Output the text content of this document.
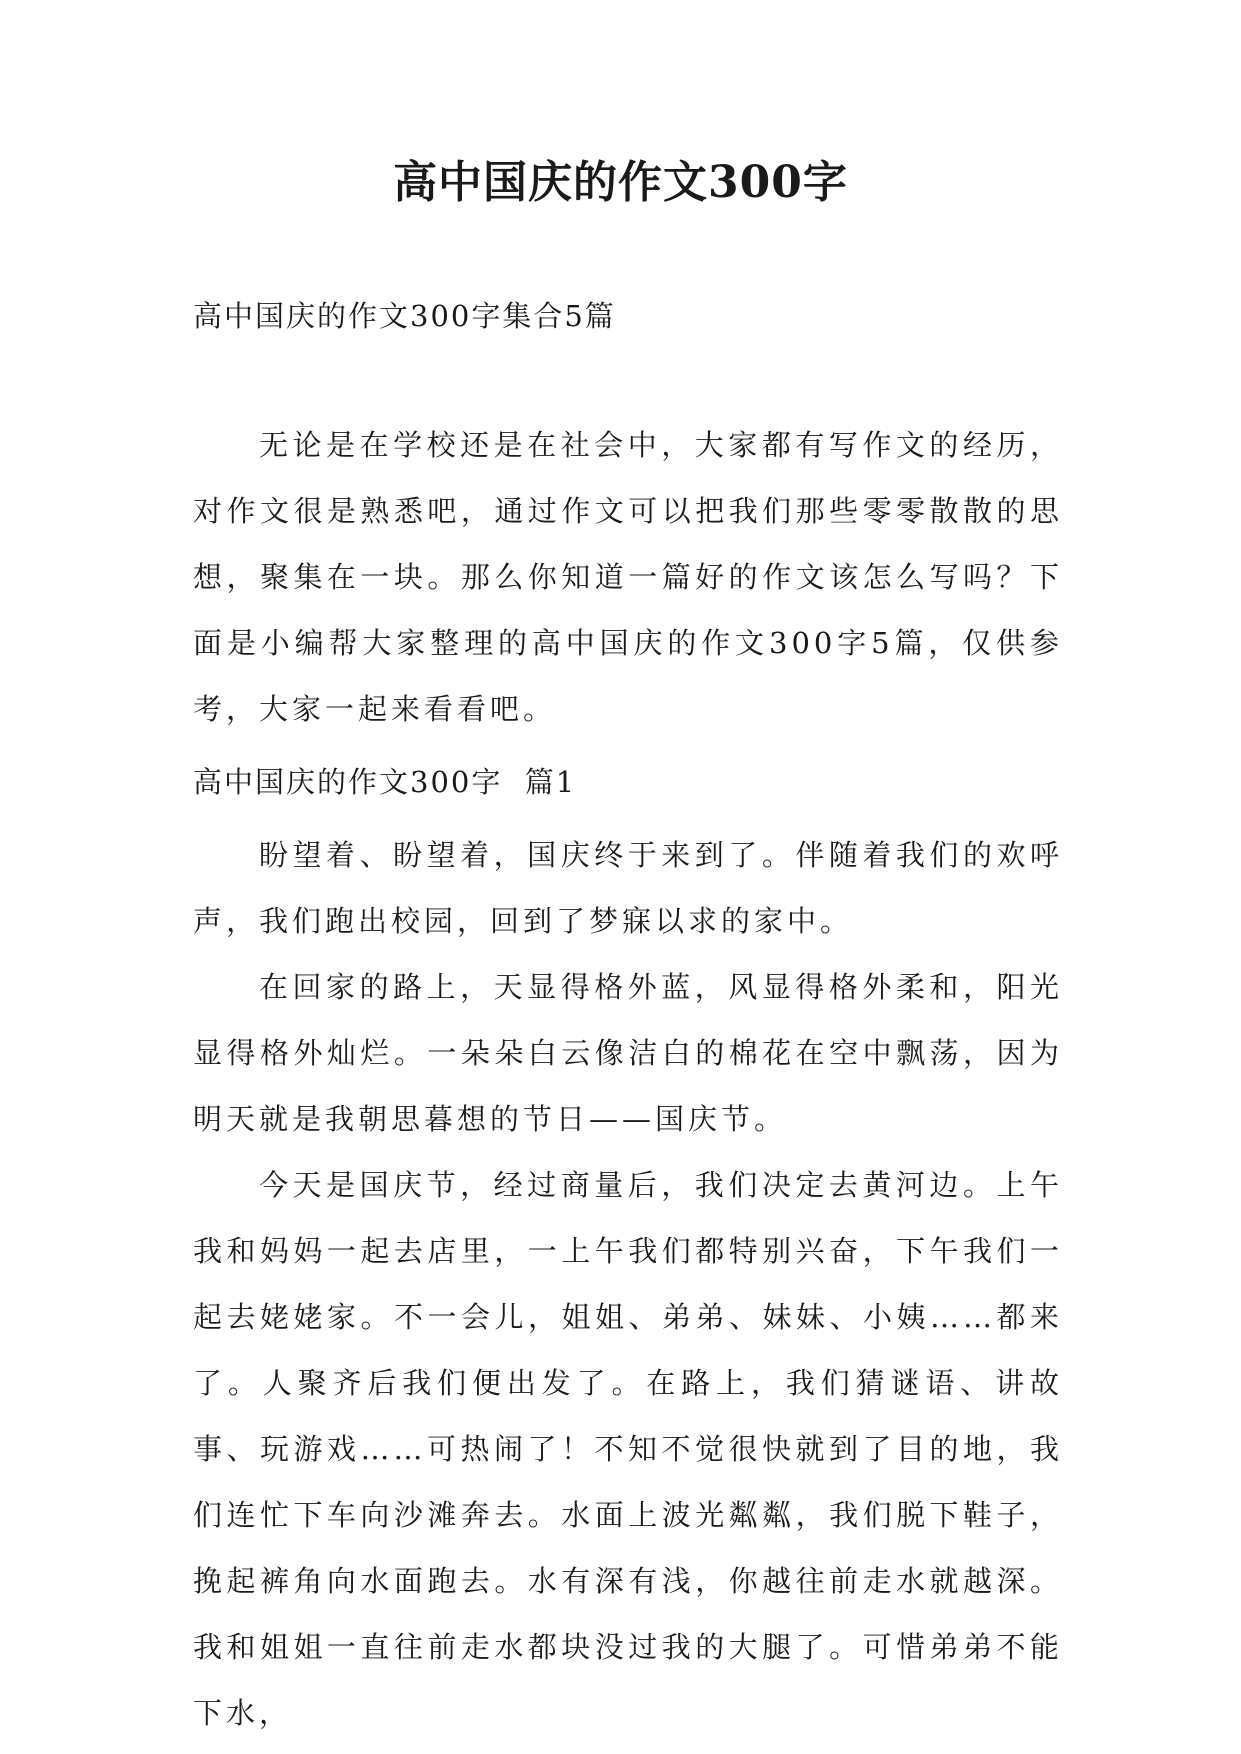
高中国庆的作文300字

高中国庆的作文300字集合5篇

无论是在学校还是在社会中，大家都有写作文的经历，对作文很是熟悉吧，通过作文可以把我们那些零零散散的思想，聚集在一块。那么你知道一篇好的作文该怎么写吗？下面是小编帮大家整理的高中国庆的作文300字5篇，仅供参考，大家一起来看看吧。

高中国庆的作文300字  篇1

盼望着、盼望着，国庆终于来到了。伴随着我们的欢呼声，我们跑出校园，回到了梦寐以求的家中。

在回家的路上，天显得格外蓝，风显得格外柔和，阳光显得格外灿烂。一朵朵白云像洁白的棉花在空中飘荡，因为明天就是我朝思暮想的节日——国庆节。

今天是国庆节，经过商量后，我们决定去黄河边。上午我和妈妈一起去店里，一上午我们都特别兴奋，下午我们一起去姥姥家。不一会儿，姐姐、弟弟、妹妹、小姨……都来了。人聚齐后我们便出发了。在路上，我们猜谜语、讲故事、玩游戏……可热闹了！不知不觉很快就到了目的地，我们连忙下车向沙滩奔去。水面上波光粼粼，我们脱下鞋子，挽起裤角向水面跑去。水有深有浅，你越往前走水就越深。我和姐姐一直往前走水都块没过我的大腿了。可惜弟弟不能下水，
